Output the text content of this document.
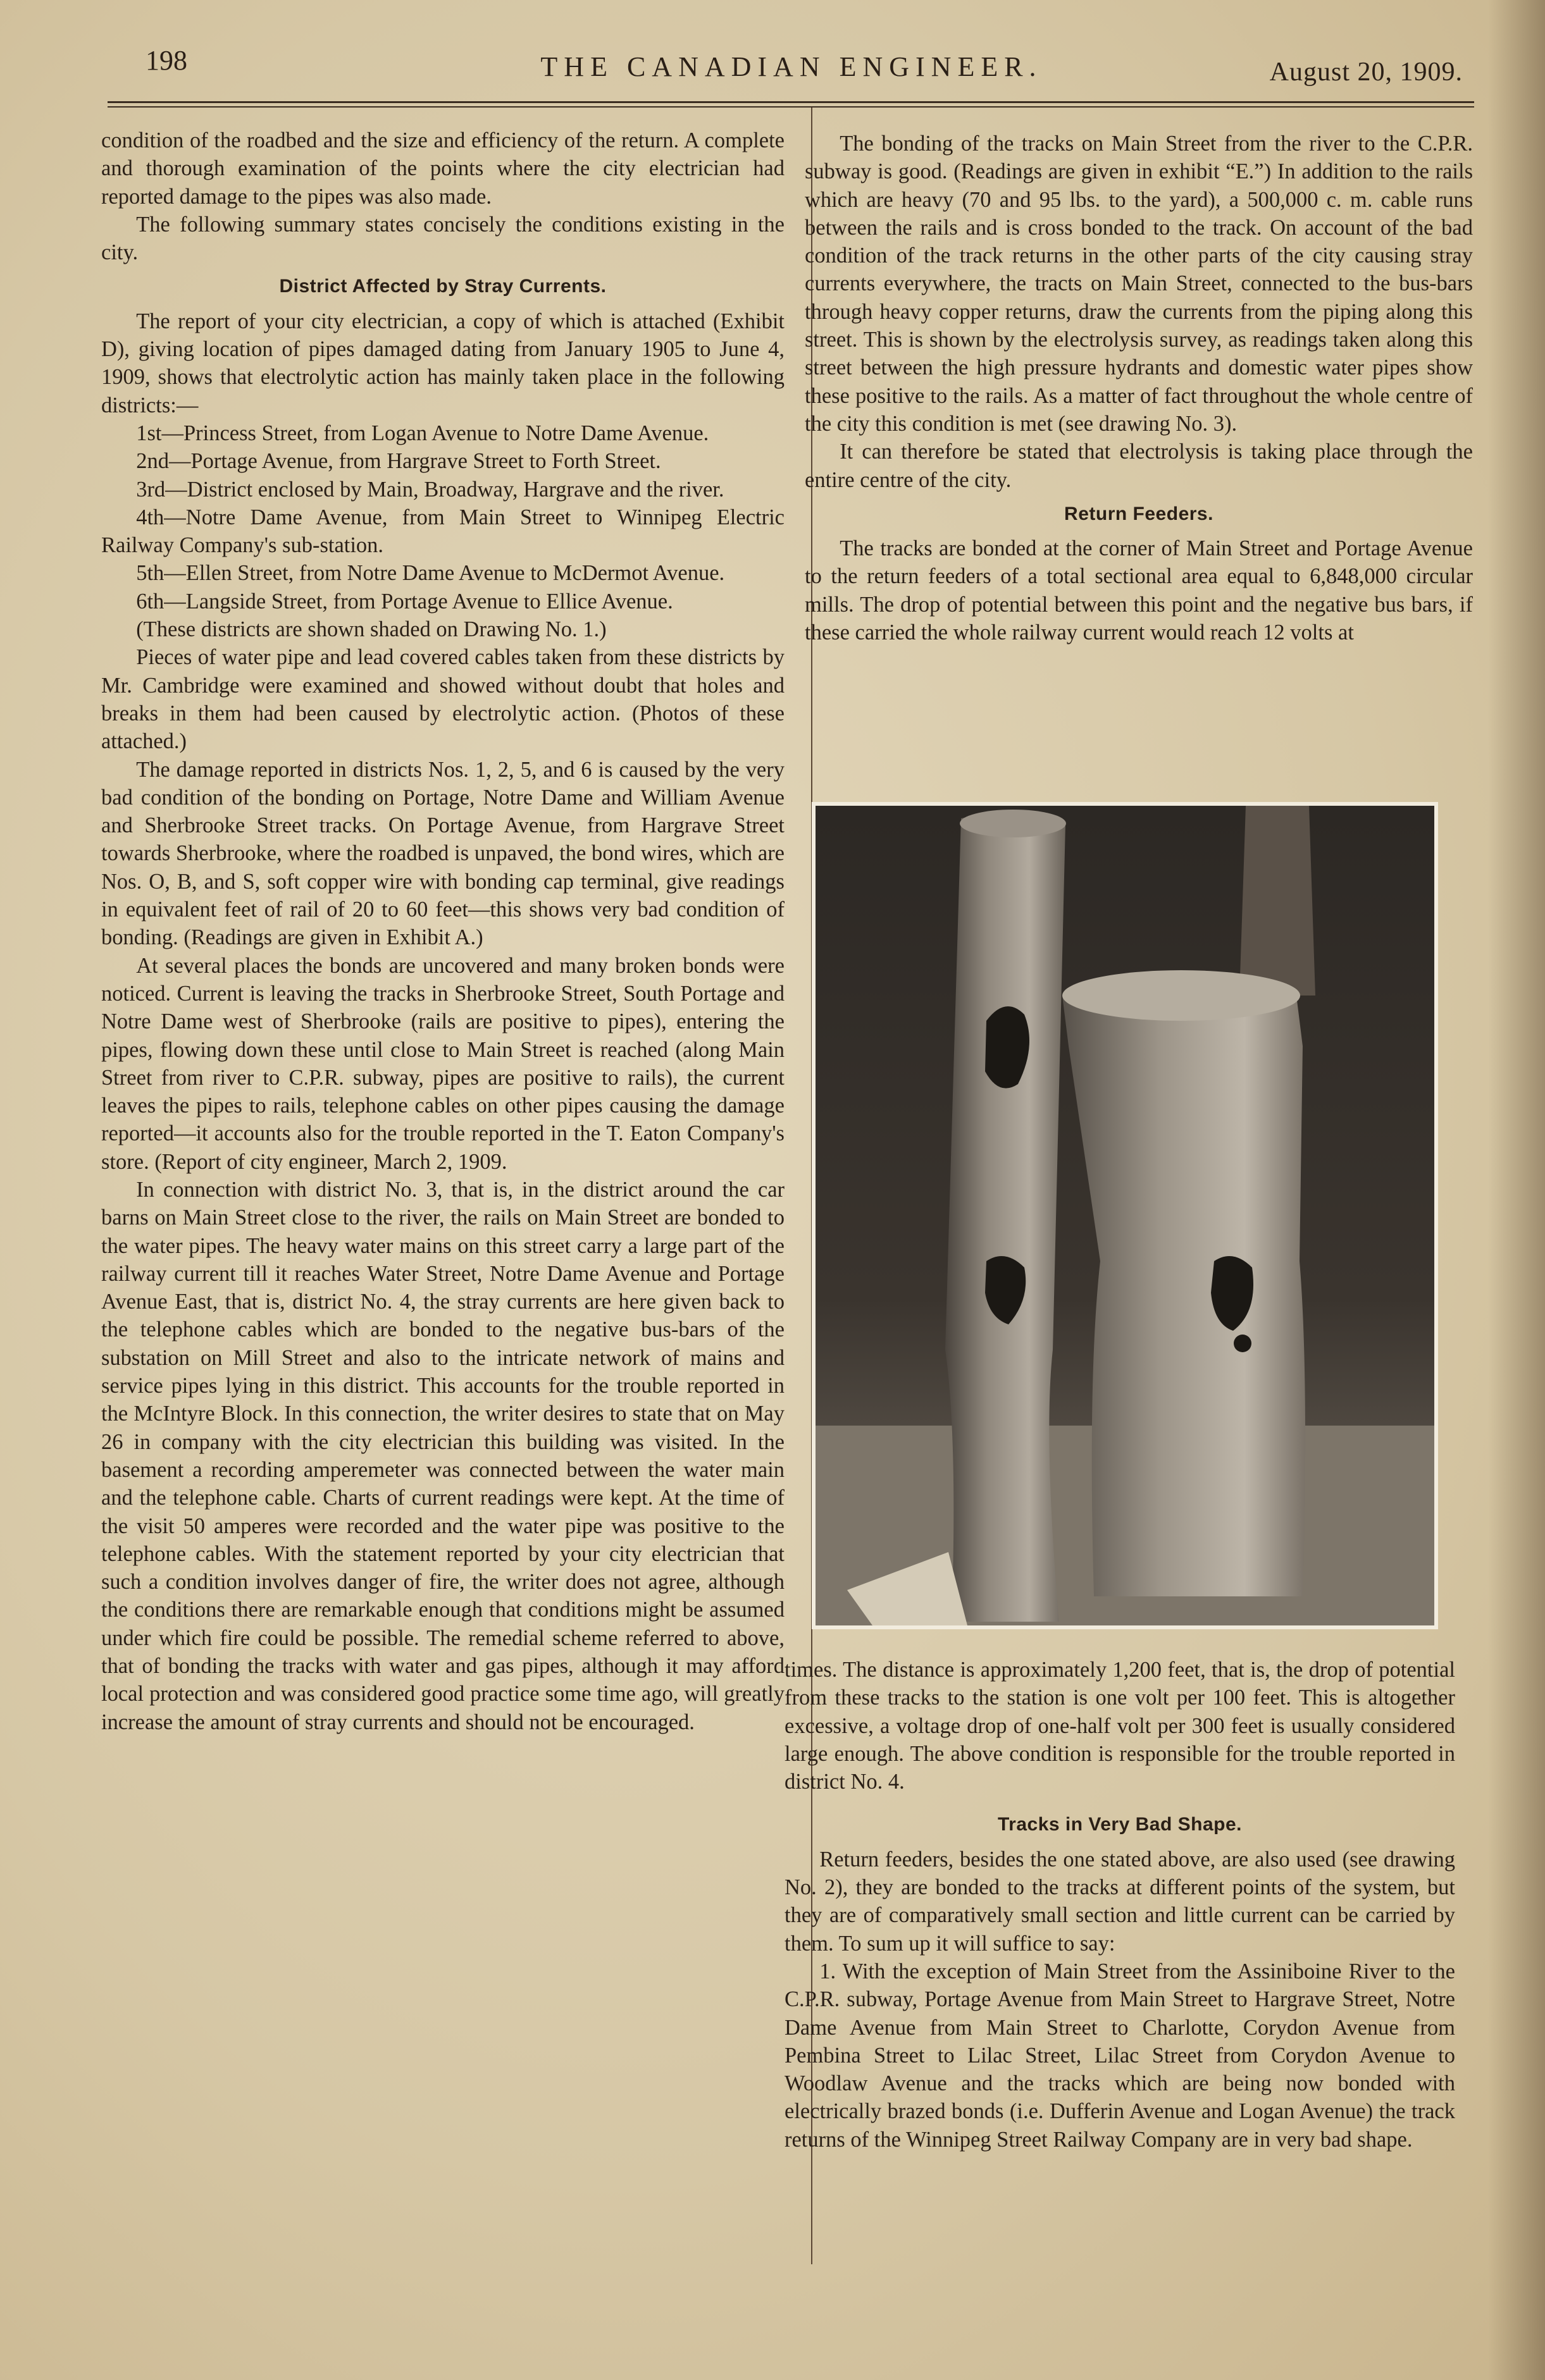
198	THE CANADIAN ENGINEER.	August 20, 1909.

condition of the roadbed and the size and efficiency of the return. A complete and thorough examination of the points where the city electrician had reported damage to the pipes was also made.

The following summary states concisely the conditions existing in the city.

District Affected by Stray Currents.

The report of your city electrician, a copy of which is attached (Exhibit D), giving location of pipes damaged dating from January 1905 to June 4, 1909, shows that electrolytic action has mainly taken place in the following districts:—

1st—Princess Street, from Logan Avenue to Notre Dame Avenue.

2nd—Portage Avenue, from Hargrave Street to Forth Street.

3rd—District enclosed by Main, Broadway, Hargrave and the river.

4th—Notre Dame Avenue, from Main Street to Winnipeg Electric Railway Company's sub-station.

5th—Ellen Street, from Notre Dame Avenue to McDermot Avenue.

6th—Langside Street, from Portage Avenue to Ellice Avenue.

(These districts are shown shaded on Drawing No. 1.)

Pieces of water pipe and lead covered cables taken from these districts by Mr. Cambridge were examined and showed without doubt that holes and breaks in them had been caused by electrolytic action. (Photos of these attached.)

The damage reported in districts Nos. 1, 2, 5, and 6 is caused by the very bad condition of the bonding on Portage, Notre Dame and William Avenue and Sherbrooke Street tracks. On Portage Avenue, from Hargrave Street towards Sherbrooke, where the roadbed is unpaved, the bond wires, which are Nos. O, B, and S, soft copper wire with bonding cap terminal, give readings in equivalent feet of rail of 20 to 60 feet—this shows very bad condition of bonding. (Readings are given in Exhibit A.)

At several places the bonds are uncovered and many broken bonds were noticed. Current is leaving the tracks in Sherbrooke Street, South Portage and Notre Dame west of Sherbrooke (rails are positive to pipes), entering the pipes, flowing down these until close to Main Street is reached (along Main Street from river to C.P.R. subway, pipes are positive to rails), the current leaves the pipes to rails, telephone cables on other pipes causing the damage reported—it accounts also for the trouble reported in the T. Eaton Company's store. (Report of city engineer, March 2, 1909.

In connection with district No. 3, that is, in the district around the car barns on Main Street close to the river, the rails on Main Street are bonded to the water pipes. The heavy water mains on this street carry a large part of the railway current till it reaches Water Street, Notre Dame Avenue and Portage Avenue East, that is, district No. 4, the stray currents are here given back to the telephone cables which are bonded to the negative bus-bars of the substation on Mill Street and also to the intricate network of mains and service pipes lying in this district. This accounts for the trouble reported in the McIntyre Block. In this connection, the writer desires to state that on May 26 in company with the city electrician this building was visited. In the basement a recording amperemeter was connected between the water main and the telephone cable. Charts of current readings were kept. At the time of the visit 50 amperes were recorded and the water pipe was positive to the telephone cables. With the statement reported by your city electrician that such a condition involves danger of fire, the writer does not agree, although the conditions there are remarkable enough that conditions might be assumed under which fire could be possible. The remedial scheme referred to above, that of bonding the tracks with water and gas pipes, although it may afford local protection and was considered good practice some time ago, will greatly increase the amount of stray currents and should not be encouraged.

The bonding of the tracks on Main Street from the river to the C.P.R. subway is good. (Readings are given in exhibit “E.”) In addition to the rails which are heavy (70 and 95 lbs. to the yard), a 500,000 c. m. cable runs between the rails and is cross bonded to the track. On account of the bad condition of the track returns in the other parts of the city causing stray currents everywhere, the tracts on Main Street, connected to the bus-bars through heavy copper returns, draw the currents from the piping along this street. This is shown by the electrolysis survey, as readings taken along this street between the high pressure hydrants and domestic water pipes show these positive to the rails. As a matter of fact throughout the whole centre of the city this condition is met (see drawing No. 3).

It can therefore be stated that electrolysis is taking place through the entire centre of the city.

Return Feeders.

The tracks are bonded at the corner of Main Street and Portage Avenue to the return feeders of a total sectional area equal to 6,848,000 circular mills. The drop of potential between this point and the negative bus bars, if these carried the whole railway current would reach 12 volts at

times. The distance is approximately 1,200 feet, that is, the drop of potential from these tracks to the station is one volt per 100 feet. This is altogether excessive, a voltage drop of one-half volt per 300 feet is usually considered large enough. The above condition is responsible for the trouble reported in district No. 4.

Tracks in Very Bad Shape.

Return feeders, besides the one stated above, are also used (see drawing No. 2), they are bonded to the tracks at different points of the system, but they are of comparatively small section and little current can be carried by them. To sum up it will suffice to say:

1. With the exception of Main Street from the Assiniboine River to the C.P.R. subway, Portage Avenue from Main Street to Hargrave Street, Notre Dame Avenue from Main Street to Charlotte, Corydon Avenue from Pembina Street to Lilac Street, Lilac Street from Corydon Avenue to Woodlaw Avenue and the tracks which are being now bonded with electrically brazed bonds (i.e. Dufferin Avenue and Logan Avenue) the track returns of the Winnipeg Street Railway Company are in very bad shape.
